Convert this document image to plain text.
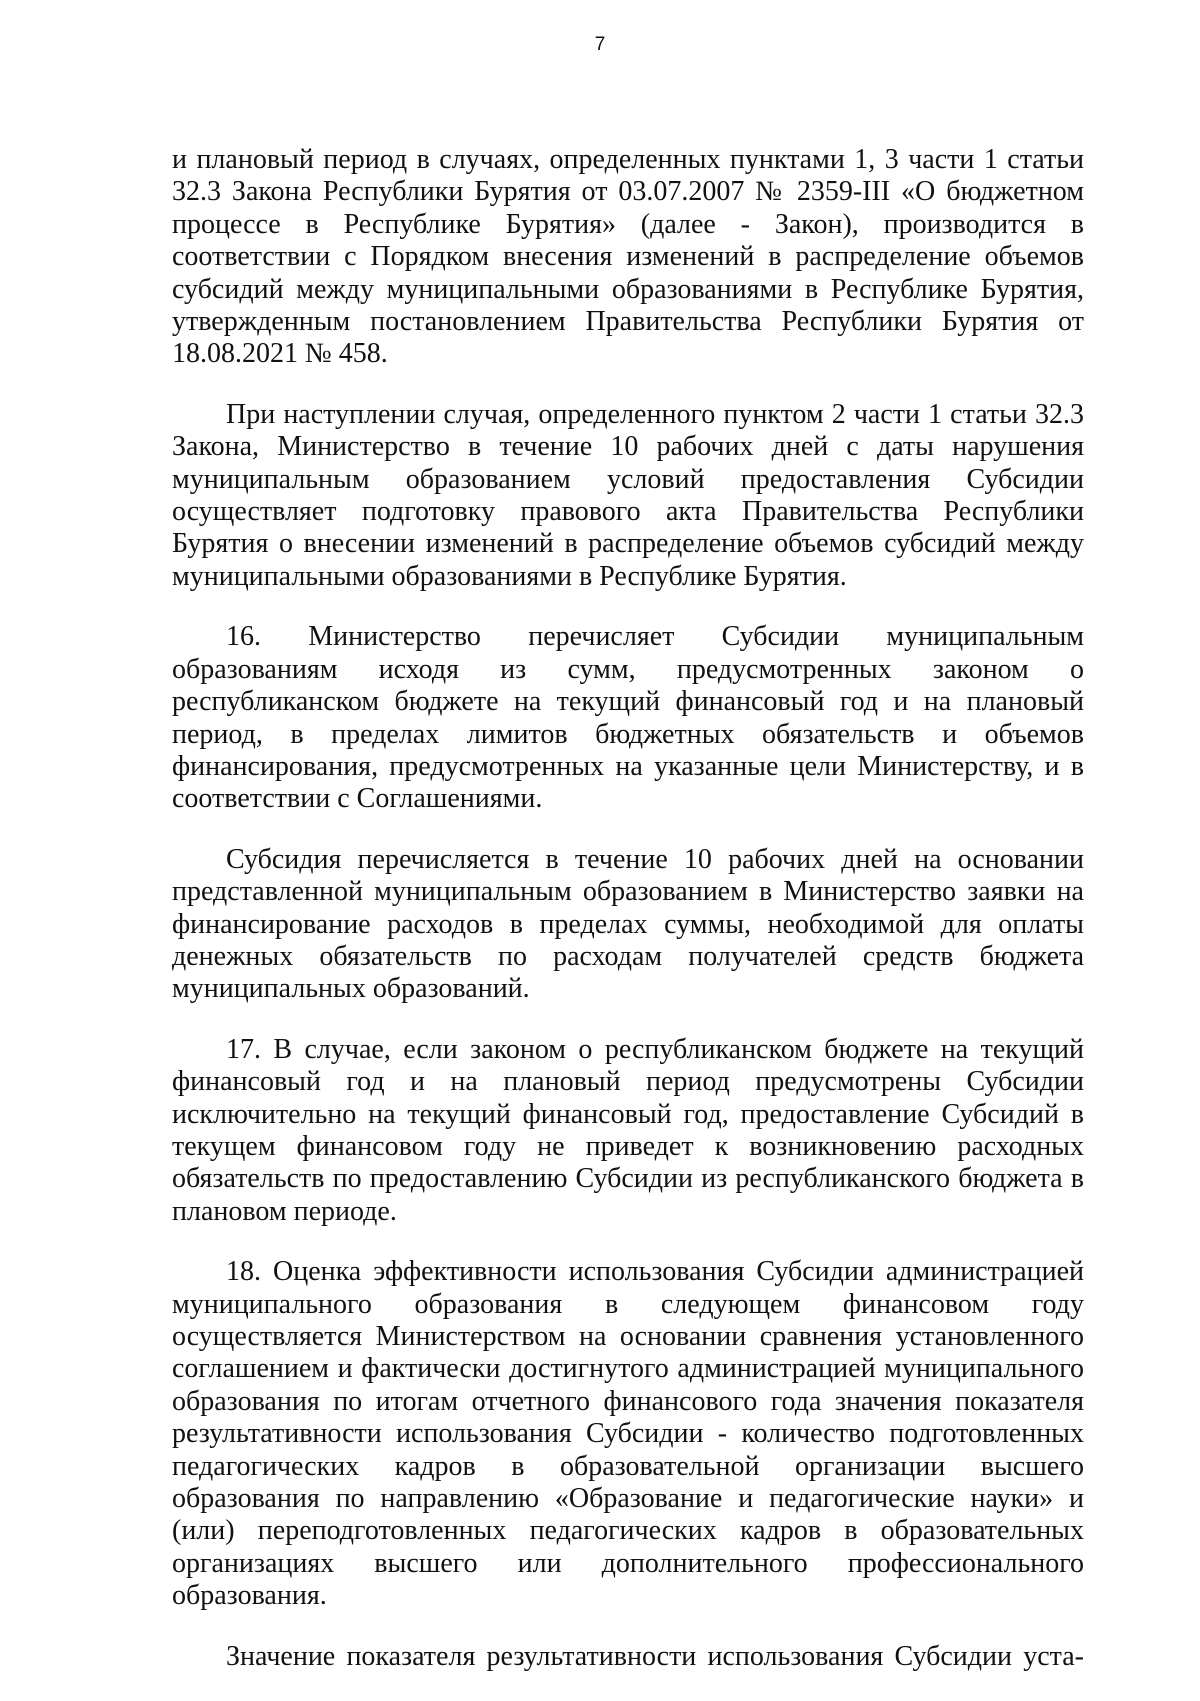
7

и плановый период в случаях, определенных пунктами 1, 3 части 1 статьи 32.3 Закона Республики Бурятия от 03.07.2007 № 2359-III «О бюджетном процессе в Республике Бурятия» (далее - Закон), производится в соответствии с Порядком внесения изменений в распределение объемов субсидий между муниципальными образованиями в Республике Бурятия, утвержденным постановлением Правительства Республики Бурятия от 18.08.2021 № 458.

При наступлении случая, определенного пунктом 2 части 1 статьи 32.3 Закона, Министерство в течение 10 рабочих дней с даты нарушения муниципальным образованием условий предоставления Субсидии осуществляет подготовку правового акта Правительства Республики Бурятия о внесении изменений в распределение объемов субсидий между муниципальными образованиями в Республике Бурятия.

16. Министерство перечисляет Субсидии муниципальным образованиям исходя из сумм, предусмотренных законом о республиканском бюджете на текущий финансовый год и на плановый период, в пределах лимитов бюджетных обязательств и объемов финансирования, предусмотренных на указанные цели Министерству, и в соответствии с Соглашениями.

Субсидия перечисляется в течение 10 рабочих дней на основании представленной муниципальным образованием в Министерство заявки на финансирование расходов в пределах суммы, необходимой для оплаты денежных обязательств по расходам получателей средств бюджета муниципальных образований.

17. В случае, если законом о республиканском бюджете на текущий финансовый год и на плановый период предусмотрены Субсидии исключительно на текущий финансовый год, предоставление Субсидий в текущем финансовом году не приведет к возникновению расходных обязательств по предоставлению Субсидии из республиканского бюджета в плановом периоде.

18. Оценка эффективности использования Субсидии администрацией муниципального образования в следующем финансовом году осуществляется Министерством на основании сравнения установленного соглашением и фактически достигнутого администрацией муниципального образования по итогам отчетного финансового года значения показателя результативности использования Субсидии - количество подготовленных педагогических кадров в образовательной организации высшего образования по направлению «Образование и педагогические науки» и (или) переподготовленных педагогических кадров в образовательных организациях высшего или дополнительного профессионального образования.

Значение показателя результативности использования Субсидии уста-
